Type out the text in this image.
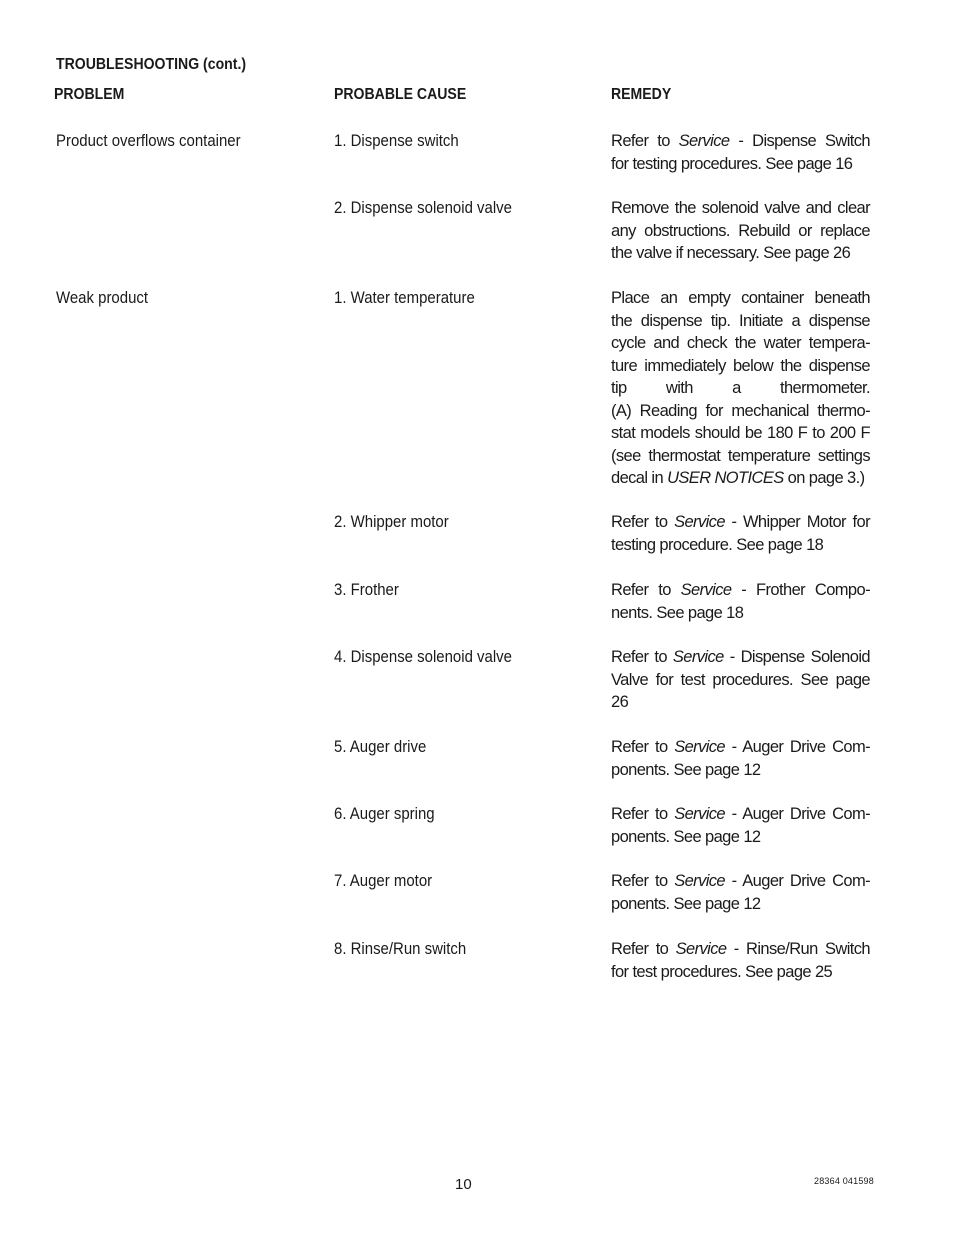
TROUBLESHOOTING (cont.)
PROBLEM	PROBABLE CAUSE	REMEDY
Product overflows container	1. Dispense switch	Refer to Service - Dispense Switch
for testing procedures. See page 16
2. Dispense solenoid valve	Remove the solenoid valve and clear
any obstructions. Rebuild or replace
the valve if necessary. See page 26
Weak product	1. Water temperature	Place an empty container beneath
the dispense tip. Initiate a dispense
cycle and check the water tempera-
ture immediately below the dispense
tip with a thermometer.
(A) Reading for mechanical thermo-
stat models should be 180 F to 200 F
(see thermostat temperature settings
decal in USER NOTICES on page 3.)
2. Whipper motor	Refer to Service - Whipper Motor for
testing procedure. See page 18
3. Frother	Refer to Service - Frother Compo-
nents. See page 18
4. Dispense solenoid valve	Refer to Service - Dispense Solenoid
Valve for test procedures. See page
26
5. Auger drive	Refer to Service - Auger Drive Com-
ponents. See page 12
6. Auger spring	Refer to Service - Auger Drive Com-
ponents. See page 12
7. Auger motor	Refer to Service - Auger Drive Com-
ponents. See page 12
8. Rinse/Run switch	Refer to Service - Rinse/Run Switch
for test procedures. See page 25
10	28364 041598
